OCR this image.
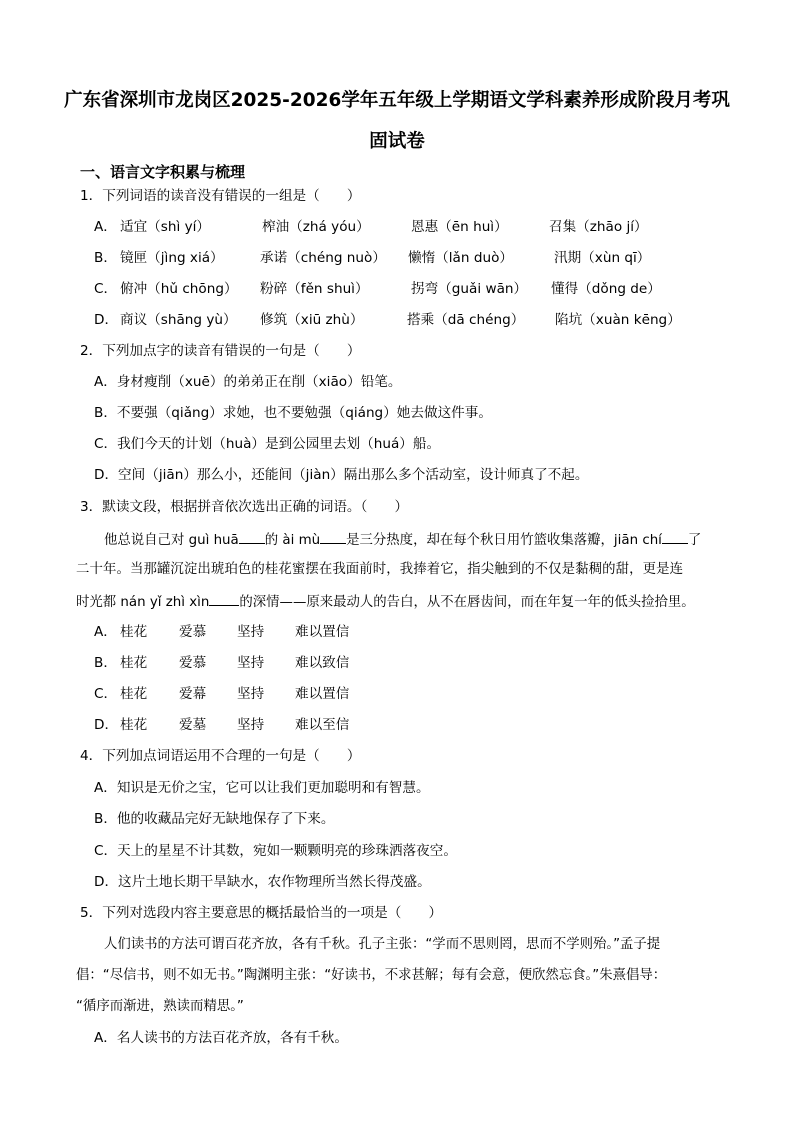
广东省深圳市龙岗区2025-2026学年五年级上学期语文学科素养形成阶段月考巩
固试卷
一、语言文字积累与梳理
1．下列词语的读音没有错误的一组是（　　）
A． 适宜（shì yí）	榨油（zhá yóu）	恩惠（ēn huì）	召集（zhāo jí）
B． 镜匣（jìng xiá）	承诺（chéng nuò） 懒惰（lǎn duò）	汛期（xùn qī）
C． 俯冲（hǔ chōng） 粉碎（fěn shuì）	拐弯（guǎi wān） 懂得（dǒng de）
D． 商议（shāng yù） 修筑（xiū zhù）	搭乘（dā chéng） 陷坑（xuàn kēng）
2．下列加点字的读音有错误的一句是（　　）
A．身材瘦削（xuē）的弟弟正在削（xiāo）铅笔。
B．不要强（qiǎng）求她，也不要勉强（qiáng）她去做这件事。
C．我们今天的计划（huà）是到公园里去划（huá）船。
D．空间（jiān）那么小，还能间（jiàn）隔出那么多个活动室，设计师真了不起。
3．默读文段，根据拼音依次选出正确的词语。（　　）
他总说自己对 guì huā 的 ài mù 是三分热度，却在每个秋日用竹篮收集落瓣，jiān chí 了
二十年。当那罐沉淀出琥珀色的桂花蜜摆在我面前时，我捧着它，指尖触到的不仅是黏稠的甜，更是连
时光都 nán yǐ zhì xìn 的深情——原来最动人的告白，从不在唇齿间，而在年复一年的低头捡拾里。
A． 桂花 爱慕 坚持 难以置信
B． 桂花 爱慕 坚持 难以致信
C． 桂花 爱幕 坚持 难以置信
D． 桂花 爱墓 坚持 难以至信
4．下列加点词语运用不合理的一句是（　　）
A．知识是无价之宝，它可以让我们更加聪明和有智慧。
B．他的收藏品完好无缺地保存了下来。
C．天上的星星不计其数，宛如一颗颗明亮的珍珠洒落夜空。
D．这片土地长期干旱缺水，农作物理所当然长得茂盛。
5．下列对选段内容主要意思的概括最恰当的一项是（　　）
人们读书的方法可谓百花齐放，各有千秋。孔子主张：“学而不思则罔，思而不学则殆。”孟子提
倡：“尽信书，则不如无书。”陶渊明主张：“好读书，不求甚解；每有会意，便欣然忘食。”朱熹倡导：
“循序而渐进，熟读而精思。”
A．名人读书的方法百花齐放，各有千秋。
